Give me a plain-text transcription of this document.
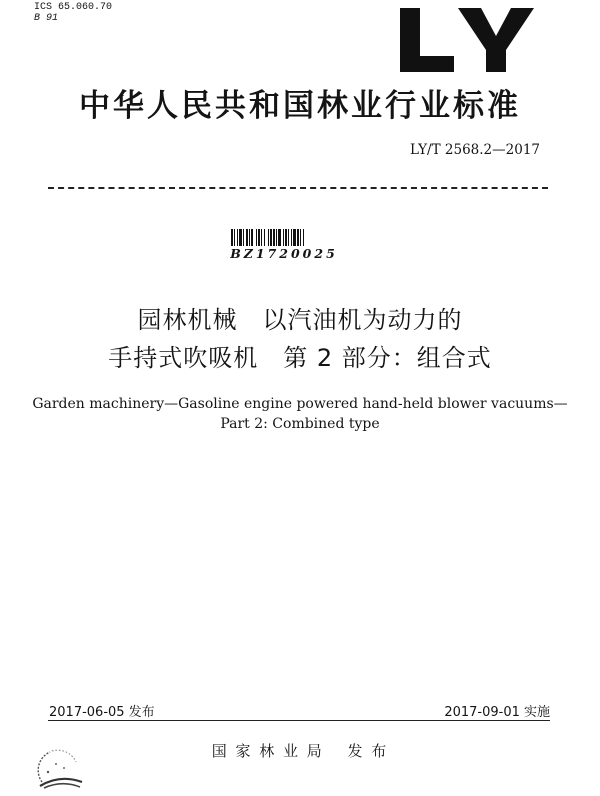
ICS 65.060.70
B 91
中华人民共和国林业行业标准
LY/T 2568.2—2017
BZ1720025
园林机械　以汽油机为动力的
手持式吹吸机　第 2 部分：组合式
Garden machinery—Gasoline engine powered hand-held blower vacuums—
Part 2: Combined type
2017-06-05 发布	2017-09-01 实施
国 家 林 业 局　 发 布
